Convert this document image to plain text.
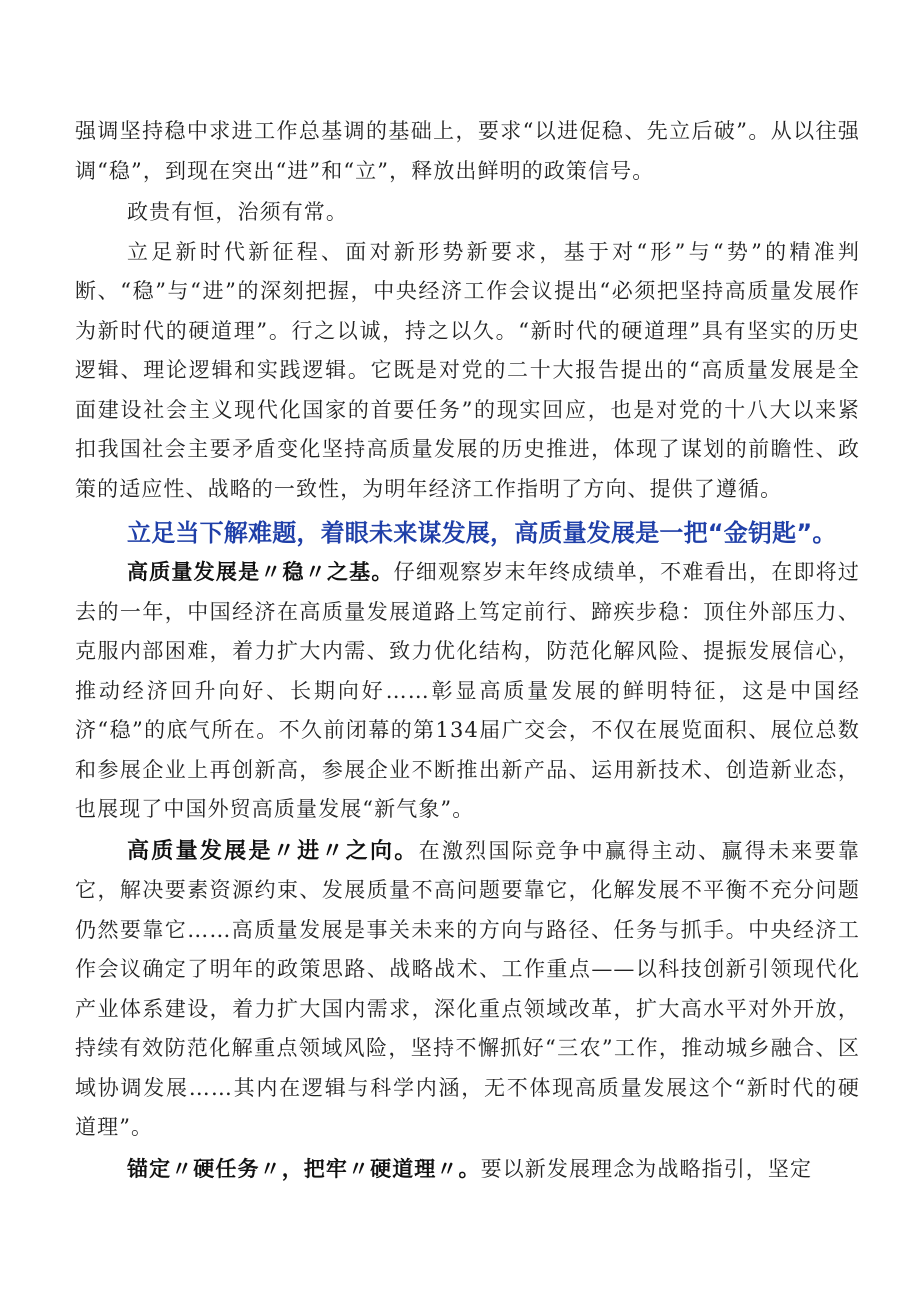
强调坚持稳中求进工作总基调的基础上，要求“以进促稳、先立后破”。从以往强调“稳”，到现在突出“进”和“立”，释放出鲜明的政策信号。

政贵有恒，治须有常。

立足新时代新征程、面对新形势新要求，基于对“形”与“势”的精准判断、“稳”与“进”的深刻把握，中央经济工作会议提出“必须把坚持高质量发展作为新时代的硬道理”。行之以诚，持之以久。“新时代的硬道理”具有坚实的历史逻辑、理论逻辑和实践逻辑。它既是对党的二十大报告提出的“高质量发展是全面建设社会主义现代化国家的首要任务”的现实回应，也是对党的十八大以来紧扣我国社会主要矛盾变化坚持高质量发展的历史推进，体现了谋划的前瞻性、政策的适应性、战略的一致性，为明年经济工作指明了方向、提供了遵循。

立足当下解难题，着眼未来谋发展，高质量发展是一把“金钥匙”。

高质量发展是〃稳〃之基。仔细观察岁末年终成绩单，不难看出，在即将过去的一年，中国经济在高质量发展道路上笃定前行、蹄疾步稳：顶住外部压力、克服内部困难，着力扩大内需、致力优化结构，防范化解风险、提振发展信心，推动经济回升向好、长期向好……彰显高质量发展的鲜明特征，这是中国经济“稳”的底气所在。不久前闭幕的第134届广交会，不仅在展览面积、展位总数和参展企业上再创新高，参展企业不断推出新产品、运用新技术、创造新业态，也展现了中国外贸高质量发展“新气象”。

高质量发展是〃进〃之向。在激烈国际竞争中赢得主动、赢得未来要靠它，解决要素资源约束、发展质量不高问题要靠它，化解发展不平衡不充分问题仍然要靠它……高质量发展是事关未来的方向与路径、任务与抓手。中央经济工作会议确定了明年的政策思路、战略战术、工作重点——以科技创新引领现代化产业体系建设，着力扩大国内需求，深化重点领域改革，扩大高水平对外开放，持续有效防范化解重点领域风险，坚持不懈抓好“三农”工作，推动城乡融合、区域协调发展……其内在逻辑与科学内涵，无不体现高质量发展这个“新时代的硬道理”。

锚定〃硬任务〃，把牢〃硬道理〃。要以新发展理念为战略指引，坚定
